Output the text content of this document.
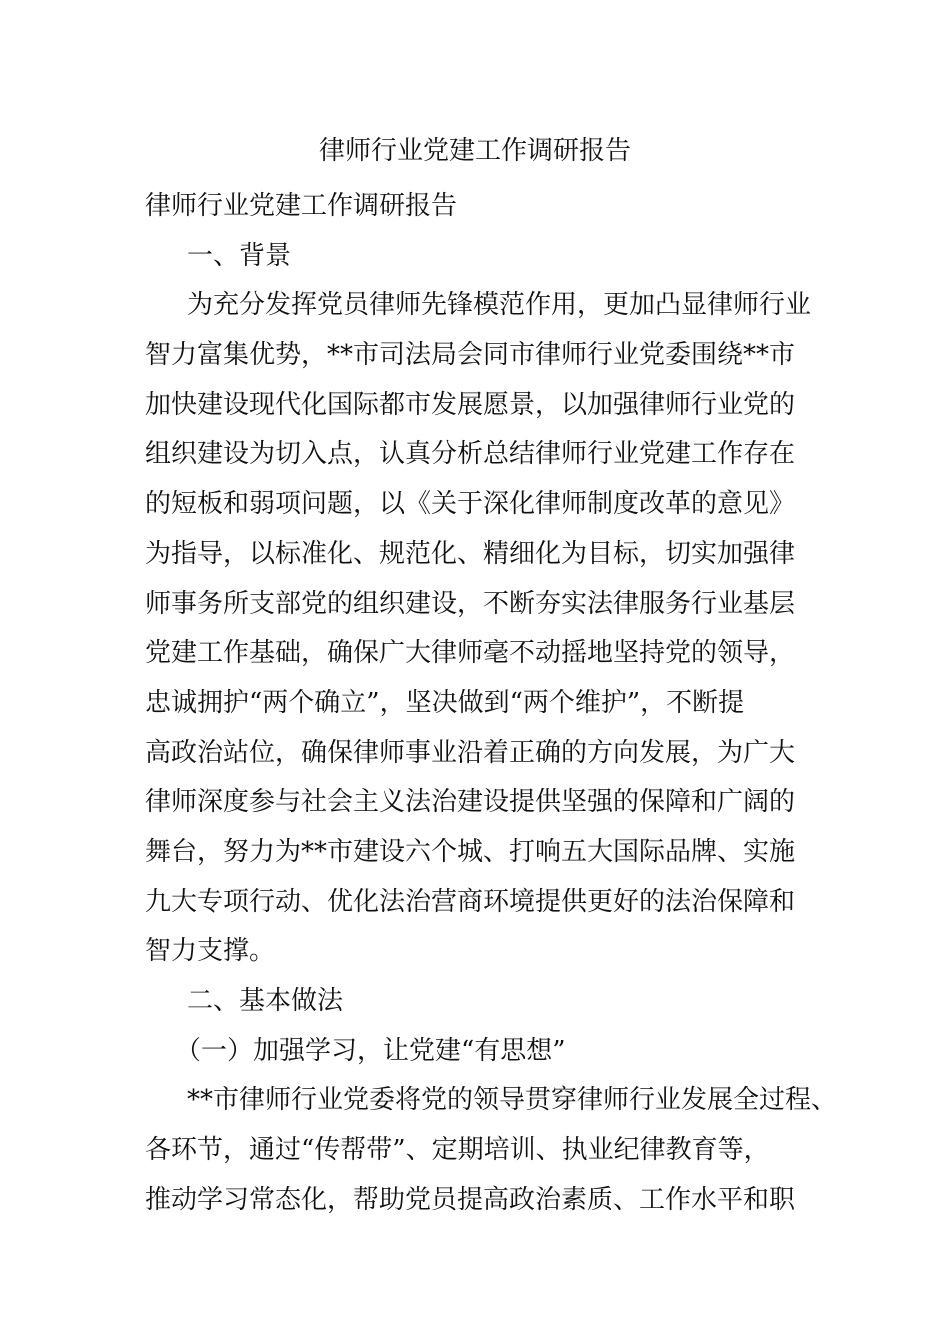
律师行业党建工作调研报告
律师行业党建工作调研报告
一、背景
为充分发挥党员律师先锋模范作用，更加凸显律师行业
智力富集优势，**市司法局会同市律师行业党委围绕**市
加快建设现代化国际都市发展愿景，以加强律师行业党的
组织建设为切入点，认真分析总结律师行业党建工作存在
的短板和弱项问题，以《关于深化律师制度改革的意见》
为指导，以标准化、规范化、精细化为目标，切实加强律
师事务所支部党的组织建设，不断夯实法律服务行业基层
党建工作基础，确保广大律师毫不动摇地坚持党的领导，
忠诚拥护“两个确立”，坚决做到“两个维护”，不断提
高政治站位，确保律师事业沿着正确的方向发展，为广大
律师深度参与社会主义法治建设提供坚强的保障和广阔的
舞台，努力为**市建设六个城、打响五大国际品牌、实施
九大专项行动、优化法治营商环境提供更好的法治保障和
智力支撑。
二、基本做法
（一）加强学习，让党建“有思想”
**市律师行业党委将党的领导贯穿律师行业发展全过程、
各环节，通过“传帮带”、定期培训、执业纪律教育等，
推动学习常态化，帮助党员提高政治素质、工作水平和职
